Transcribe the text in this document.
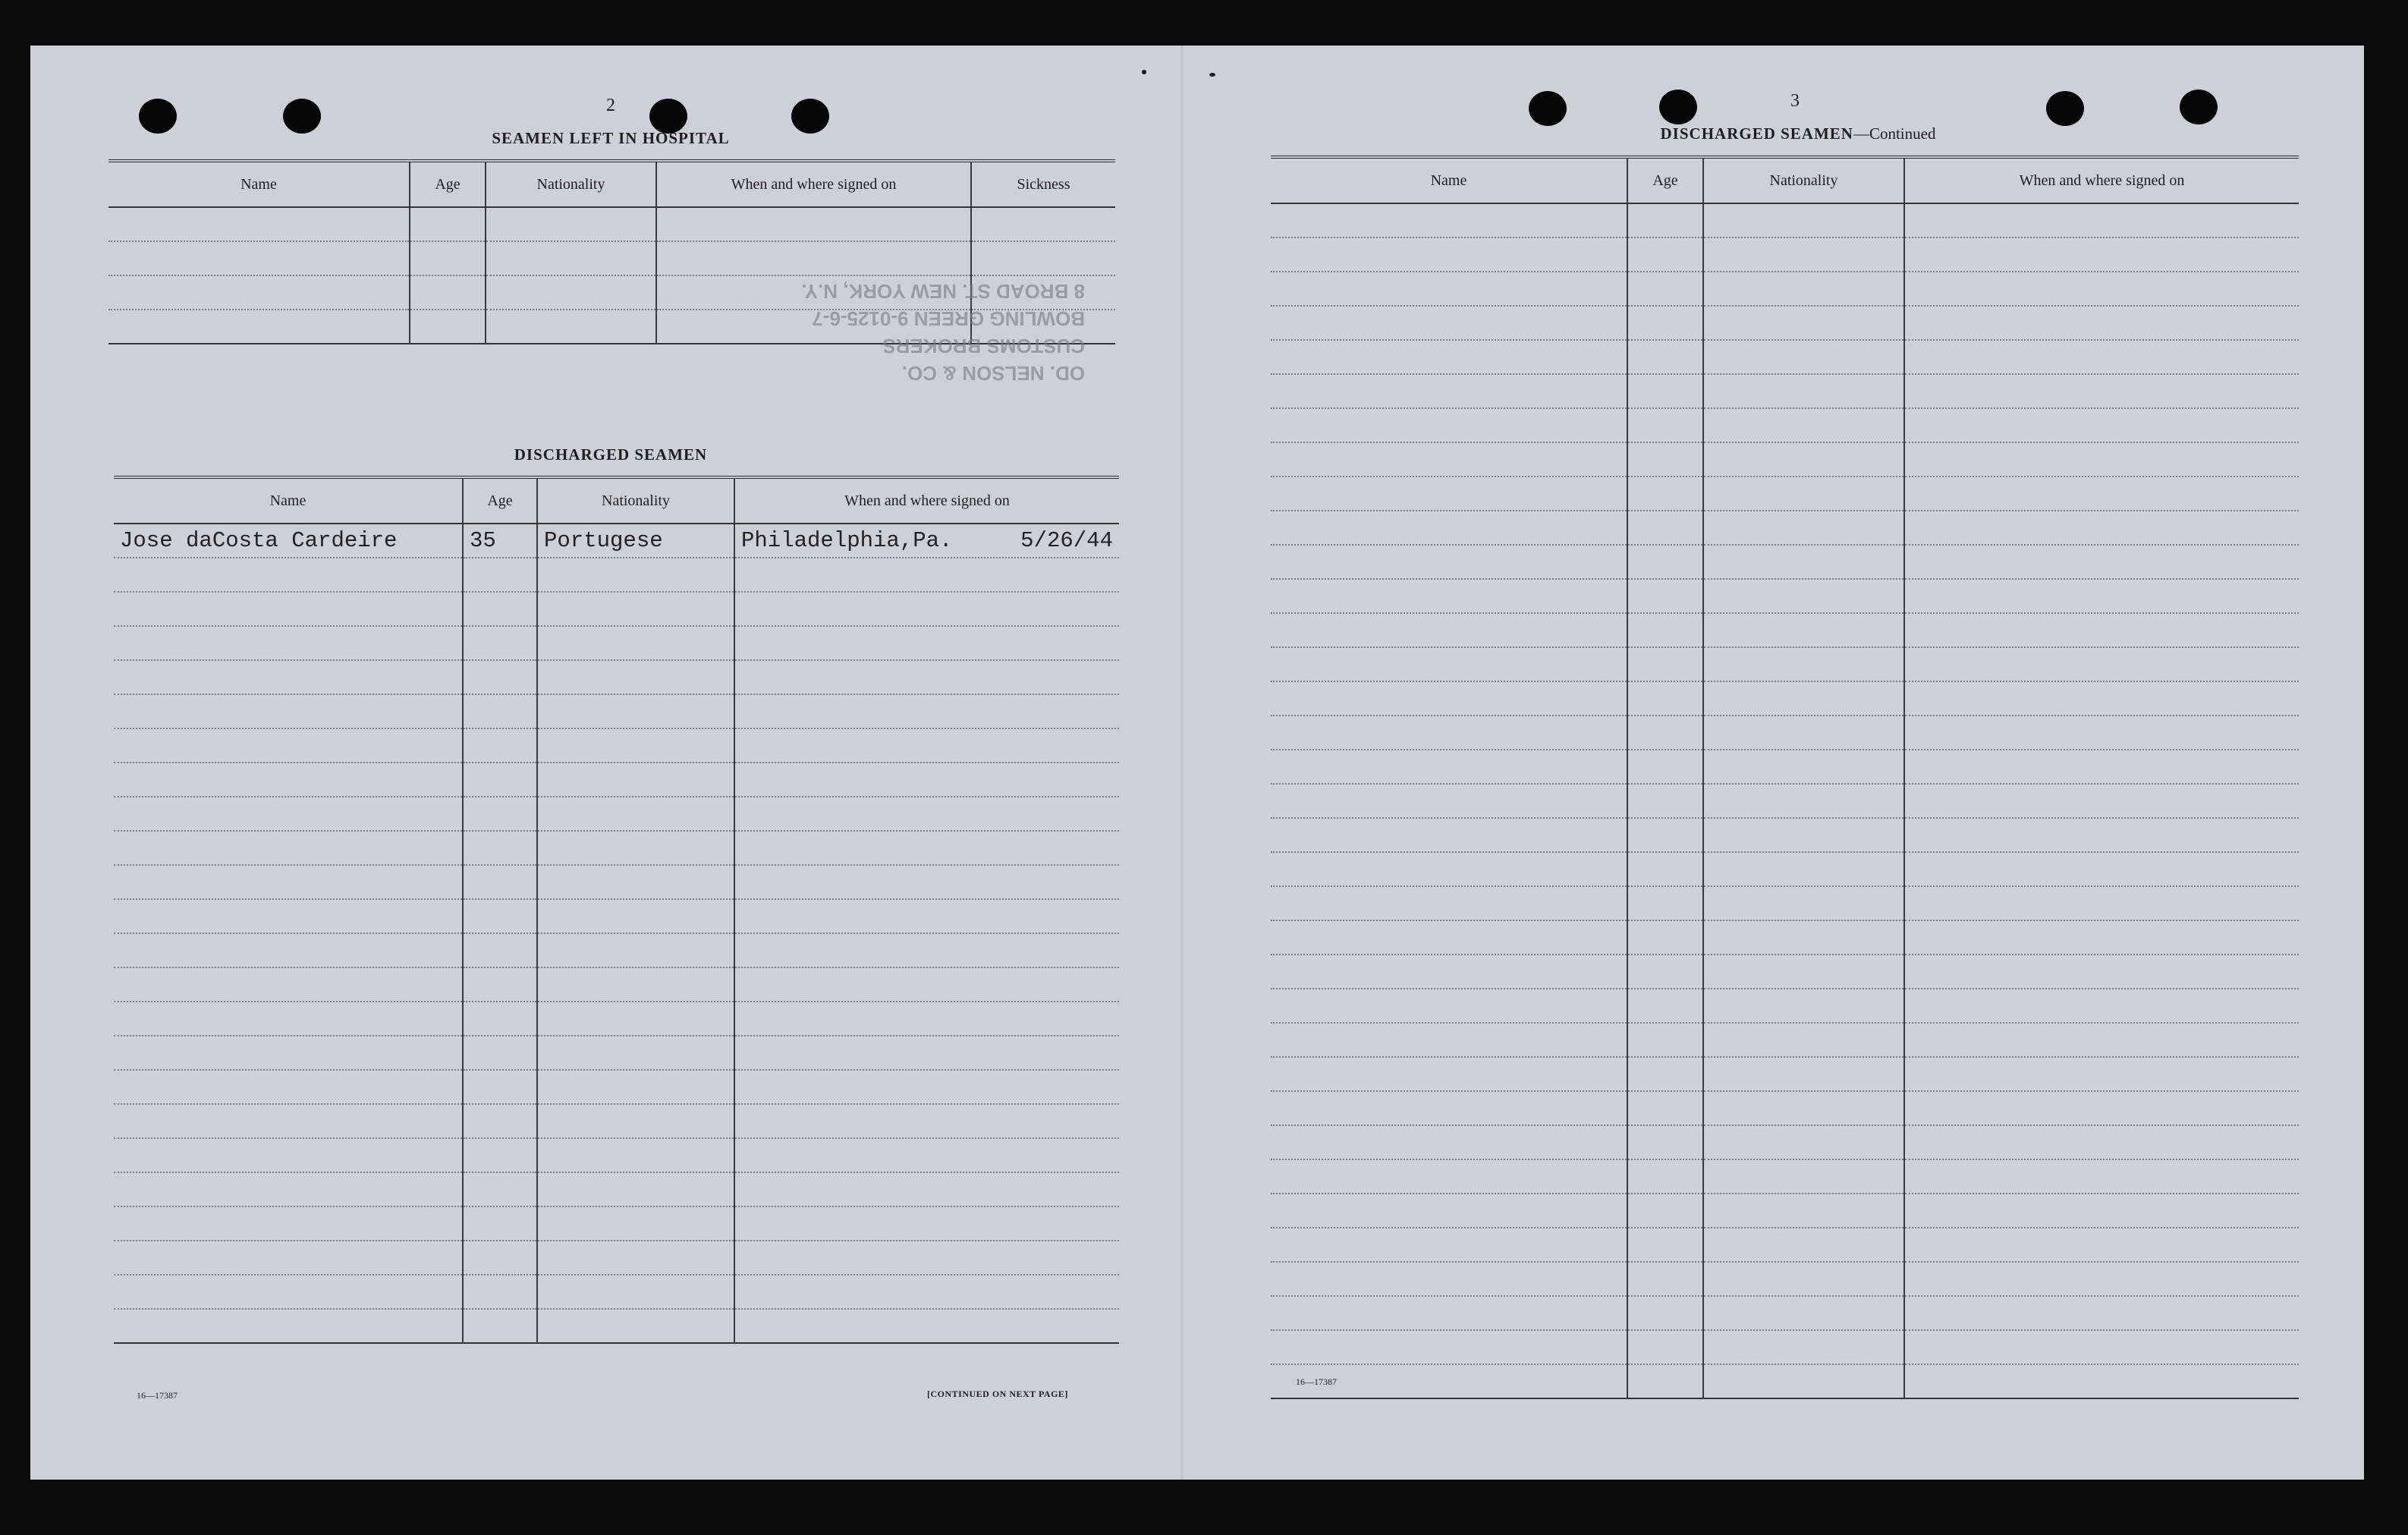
2
SEAMEN LEFT IN HOSPITAL
Name	Age	Nationality	When and where signed on	Sickness

OD. NELSON & CO.
CUSTOMS BROKERS
BOWLING GREEN 9-0125-6-7
8 BROAD ST. NEW YORK, N.Y.
DISCHARGED SEAMEN
Name	Age	Nationality	When and where signed on
Jose daCosta Cardeire	35	Portugese	Philadelphia,Pa. 5/26/44

16—17387	[CONTINUED ON NEXT PAGE]
3
DISCHARGED SEAMEN—Continued
Name	Age	Nationality	When and where signed on

16—17387
